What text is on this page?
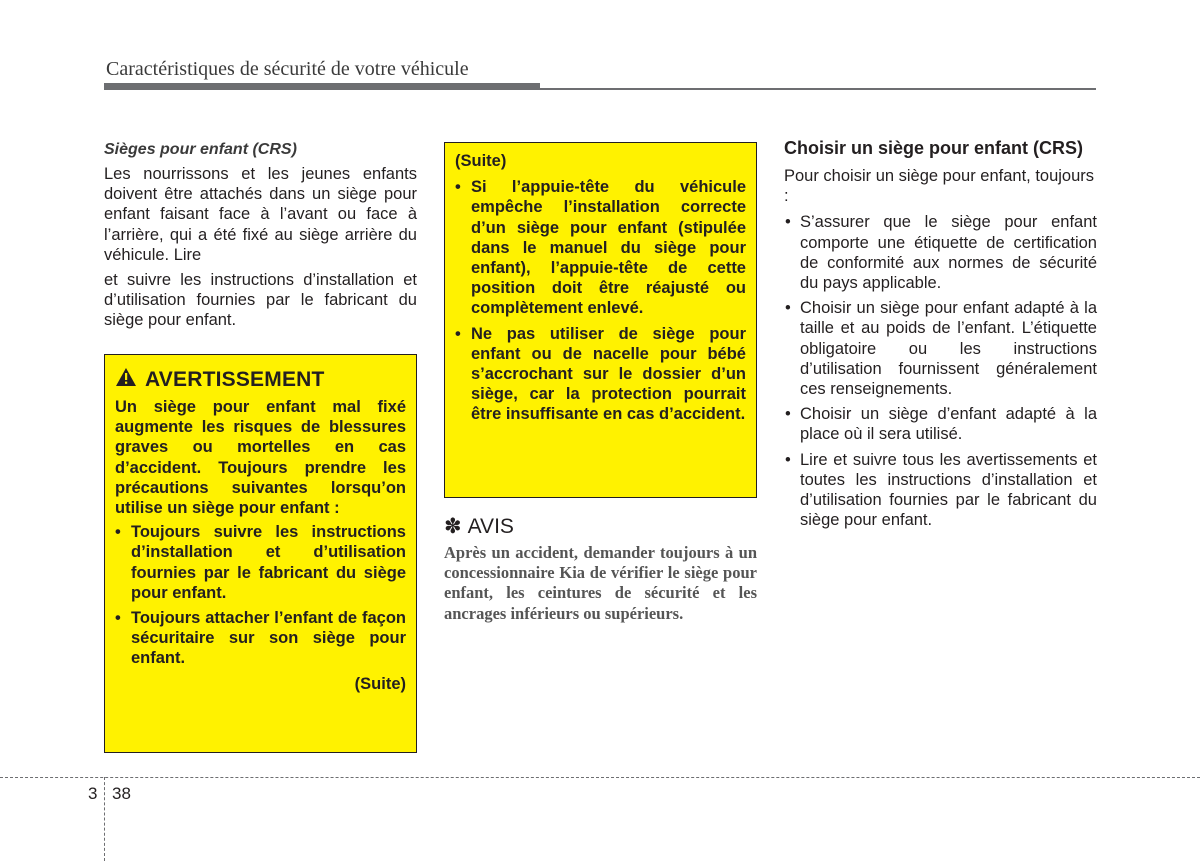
Caractéristiques de sécurité de votre véhicule

Sièges pour enfant (CRS)

Les nourrissons et les jeunes enfants doivent être attachés dans un siège pour enfant faisant face à l’avant ou face à l’arrière, qui a été fixé au siège arrière du véhicule. Lire

et suivre les instructions d’installation et d’utilisation fournies par le fabricant du siège pour enfant.

AVERTISSEMENT

Un siège pour enfant mal fixé augmente les risques de blessures graves ou mortelles en cas d’accident. Toujours prendre les précautions suivantes lorsqu’on utilise un siège pour enfant :

• Toujours suivre les instructions d’installation et d’utilisation fournies par le fabricant du siège pour enfant.
• Toujours attacher l’enfant de façon sécuritaire sur son siège pour enfant.
(Suite)

(Suite)

• Si l’appuie-tête du véhicule empêche l’installation correcte d’un siège pour enfant (stipulée dans le manuel du siège pour enfant), l’appuie-tête de cette position doit être réajusté ou complètement enlevé.
• Ne pas utiliser de siège pour enfant ou de nacelle pour bébé s’accrochant sur le dossier d’un siège, car la protection pourrait être insuffisante en cas d’accident.
✽ AVIS

Après un accident, demander toujours à un concessionnaire Kia de vérifier le siège pour enfant, les ceintures de sécurité et les ancrages inférieurs ou supérieurs.

Choisir un siège pour enfant (CRS)

Pour choisir un siège pour enfant, toujours :

• S’assurer que le siège pour enfant comporte une étiquette de certification de conformité aux normes de sécurité du pays applicable.
• Choisir un siège pour enfant adapté à la taille et au poids de l’enfant. L’étiquette obligatoire ou les instructions d’utilisation fournissent généralement ces renseignements.
• Choisir un siège d’enfant adapté à la place où il sera utilisé.
• Lire et suivre tous les avertissements et toutes les instructions d’installation et d’utilisation fournies par le fabricant du siège pour enfant.
3 38
